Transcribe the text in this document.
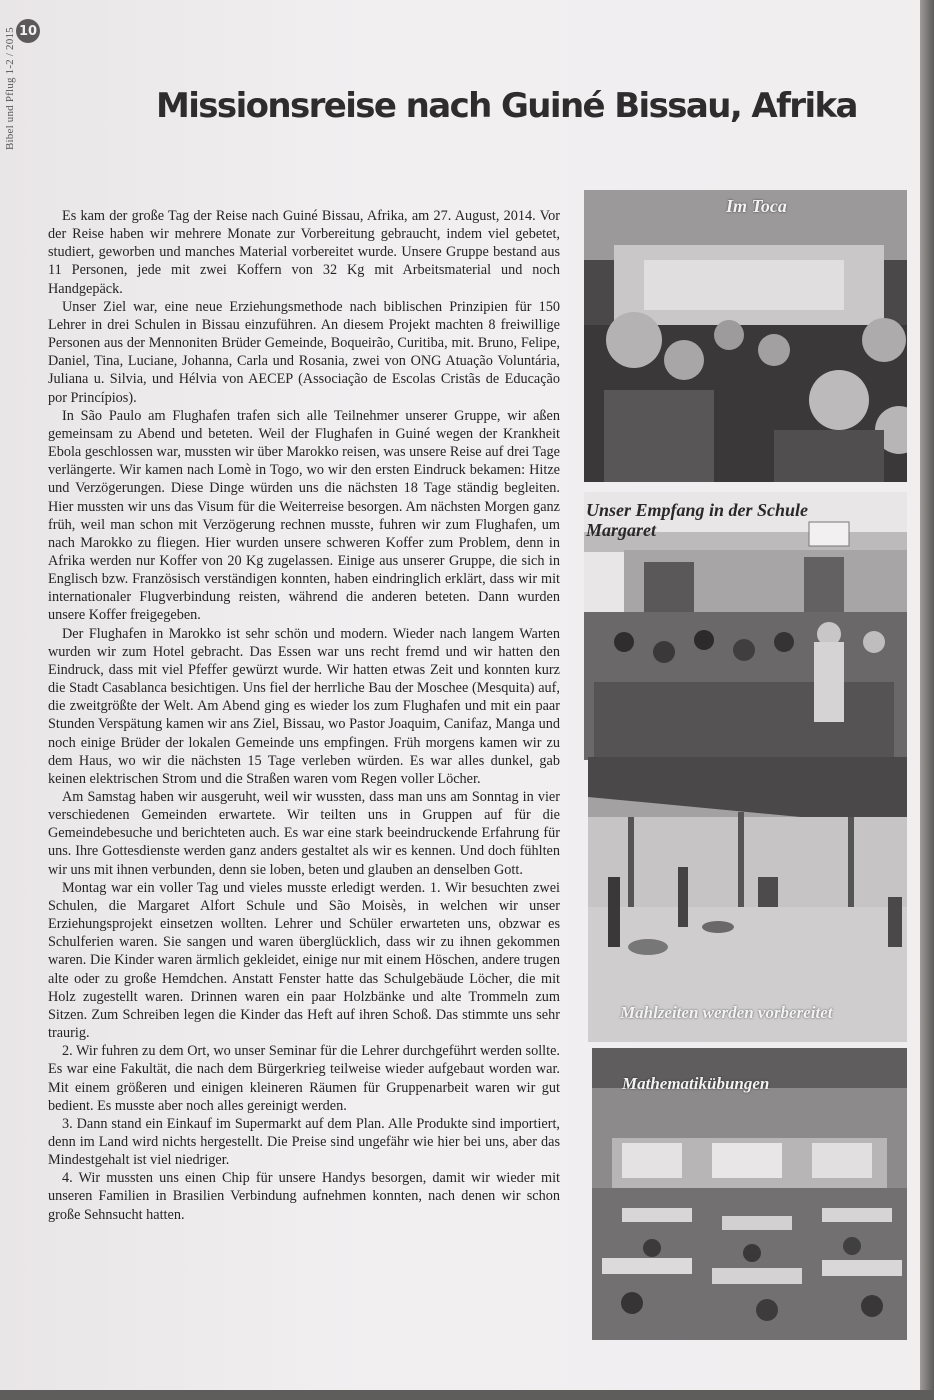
10
Bibel und Pflug 1-2 / 2015	Missionsreise nach Guiné Bissau, Afrika

Es kam der große Tag der Reise nach Guiné Bissau, Afrika, am 27. August, 2014. Vor der Reise haben wir mehrere Monate zur Vorbereitung gebraucht, indem viel gebetet, studiert, geworben und manches Material vorbereitet wurde. Unsere Gruppe bestand aus 11 Personen, jede mit zwei Koffern von 32 Kg mit Arbeitsmaterial und noch Handgepäck.

Unser Ziel war, eine neue Erziehungsmethode nach biblischen Prinzipien für 150 Lehrer in drei Schulen in Bissau einzuführen. An diesem Projekt machten 8 freiwillige Personen aus der Mennoniten Brüder Gemeinde, Boqueirão, Curitiba, mit. Bruno, Felipe, Daniel, Tina, Luciane, Johanna, Carla und Rosania, zwei von ONG Atuação Voluntária, Juliana u. Silvia, und Hélvia von AECEP (Associação de Escolas Cristãs de Educação por Princípios).

In São Paulo am Flughafen trafen sich alle Teilnehmer unserer Gruppe, wir aßen gemeinsam zu Abend und beteten. Weil der Flughafen in Guiné wegen der Krankheit Ebola geschlossen war, mussten wir über Marokko reisen, was unsere Reise auf drei Tage verlängerte. Wir kamen nach Lomè in Togo, wo wir den ersten Eindruck bekamen: Hitze und Verzögerungen. Diese Dinge würden uns die nächsten 18 Tage ständig begleiten. Hier mussten wir uns das Visum für die Weiterreise besorgen. Am nächsten Morgen ganz früh, weil man schon mit Verzögerung rechnen musste, fuhren wir zum Flughafen, um nach Marokko zu fliegen. Hier wurden unsere schweren Koffer zum Problem, denn in Afrika werden nur Koffer von 20 Kg zugelassen. Einige aus unserer Gruppe, die sich in Englisch bzw. Französisch verständigen konnten, haben eindringlich erklärt, dass wir mit internationaler Flugverbindung reisten, während die anderen beteten. Dann wurden unsere Koffer freigegeben.

Der Flughafen in Marokko ist sehr schön und modern. Wieder nach langem Warten wurden wir zum Hotel gebracht. Das Essen war uns recht fremd und wir hatten den Eindruck, dass mit viel Pfeffer gewürzt wurde. Wir hatten etwas Zeit und konnten kurz die Stadt Casablanca besichtigen. Uns fiel der herrliche Bau der Moschee (Mesquita) auf, die zweitgrößte der Welt. Am Abend ging es wieder los zum Flughafen und mit ein paar Stunden Verspätung kamen wir ans Ziel, Bissau, wo Pastor Joaquim, Canifaz, Manga und noch einige Brüder der lokalen Gemeinde uns empfingen. Früh morgens kamen wir zu dem Haus, wo wir die nächsten 15 Tage verleben würden. Es war alles dunkel, gab keinen elektrischen Strom und die Straßen waren vom Regen voller Löcher.

Am Samstag haben wir ausgeruht, weil wir wussten, dass man uns am Sonntag in vier verschiedenen Gemeinden erwartete. Wir teilten uns in Gruppen auf für die Gemeindebesuche und berichteten auch. Es war eine stark beeindruckende Erfahrung für uns. Ihre Gottesdienste werden ganz anders gestaltet als wir es kennen. Und doch fühlten wir uns mit ihnen verbunden, denn sie loben, beten und glauben an denselben Gott.

Montag war ein voller Tag und vieles musste erledigt werden. 1. Wir besuchten zwei Schulen, die Margaret Alfort Schule und São Moisès, in welchen wir unser Erziehungsprojekt einsetzen wollten. Lehrer und Schüler erwarteten uns, obzwar es Schulferien waren. Sie sangen und waren überglücklich, dass wir zu ihnen gekommen waren. Die Kinder waren ärmlich gekleidet, einige nur mit einem Höschen, andere trugen alte oder zu große Hemdchen. Anstatt Fenster hatte das Schulgebäude Löcher, die mit Holz zugestellt waren. Drinnen waren ein paar Holzbänke und alte Trommeln zum Sitzen. Zum Schreiben legen die Kinder das Heft auf ihren Schoß. Das stimmte uns sehr traurig.

2. Wir fuhren zu dem Ort, wo unser Seminar für die Lehrer durchgeführt werden sollte. Es war eine Fakultät, die nach dem Bürgerkrieg teilweise wieder aufgebaut worden war. Mit einem größeren und einigen kleineren Räumen für Gruppenarbeit waren wir gut bedient. Es musste aber noch alles gereinigt werden.

3. Dann stand ein Einkauf im Supermarkt auf dem Plan. Alle Produkte sind importiert, denn im Land wird nichts hergestellt. Die Preise sind ungefähr wie hier bei uns, aber das Mindestgehalt ist viel niedriger.

4. Wir mussten uns einen Chip für unsere Handys besorgen, damit wir wieder mit unseren Familien in Brasilien Verbindung aufnehmen konnten, nach denen wir schon große Sehnsucht hatten.

Im Toca
Unser Empfang in der Schule Margaret
Mahlzeiten werden vorbereitet
Mathematikübungen
